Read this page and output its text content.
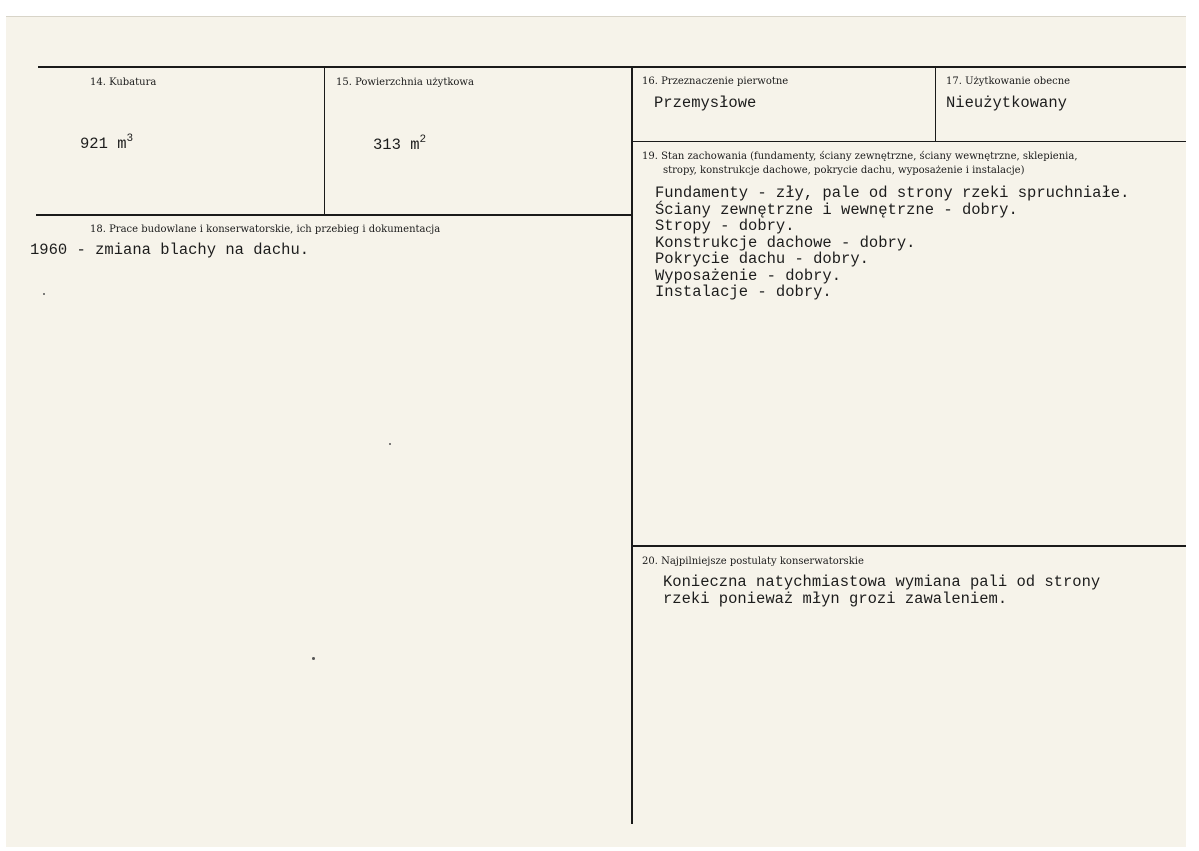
14. Kubatura
921 $m^3$
15. Powierzchnia użytkowa
313 $m^2$
16. Przeznaczenie pierwotne
Przemysłowe
17. Użytkowanie obecne
Nieużytkowany
18. Prace budowlane i konserwatorskie, ich przebieg i dokumentacja
1960 - zmiana blachy na dachu.
19. Stan zachowania (fundamenty, ściany zewnętrzne, ściany wewnętrzne, sklepienia,
stropy, konstrukcje dachowe, pokrycie dachu, wyposażenie i instalacje)
Fundamenty - zły, pale od strony rzeki spruchniałe.
Ściany zewnętrzne i wewnętrzne - dobry.
Stropy - dobry.
Konstrukcje dachowe - dobry.
Pokrycie dachu - dobry.
Wyposażenie - dobry.
Instalacje - dobry.
20. Najpilniejsze postulaty konserwatorskie
Konieczna natychmiastowa wymiana pali od strony
rzeki ponieważ młyn grozi zawaleniem.
